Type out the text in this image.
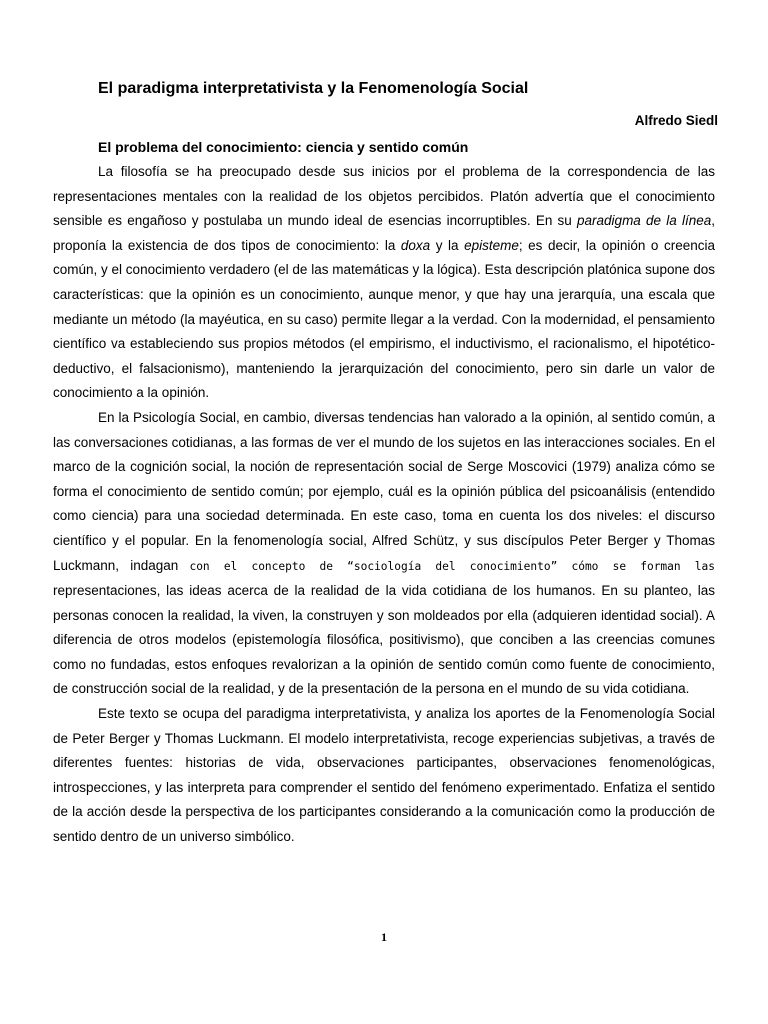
El paradigma interpretativista y la Fenomenología Social
Alfredo Siedl
El problema del conocimiento: ciencia y sentido común

La filosofía se ha preocupado desde sus inicios por el problema de la correspondencia de las representaciones mentales con la realidad de los objetos percibidos. Platón advertía que el conocimiento sensible es engañoso y postulaba un mundo ideal de esencias incorruptibles. En su paradigma de la línea, proponía la existencia de dos tipos de conocimiento: la doxa y la episteme; es decir, la opinión o creencia común, y el conocimiento verdadero (el de las matemáticas y la lógica). Esta descripción platónica supone dos características: que la opinión es un conocimiento, aunque menor, y que hay una jerarquía, una escala que mediante un método (la mayéutica, en su caso) permite llegar a la verdad. Con la modernidad, el pensamiento científico va estableciendo sus propios métodos (el empirismo, el inductivismo, el racionalismo, el hipotético-deductivo, el falsacionismo), manteniendo la jerarquización del conocimiento, pero sin darle un valor de conocimiento a la opinión.

En la Psicología Social, en cambio, diversas tendencias han valorado a la opinión, al sentido común, a las conversaciones cotidianas, a las formas de ver el mundo de los sujetos en las interacciones sociales. En el marco de la cognición social, la noción de representación social de Serge Moscovici (1979) analiza cómo se forma el conocimiento de sentido común; por ejemplo, cuál es la opinión pública del psicoanálisis (entendido como ciencia) para una sociedad determinada. En este caso, toma en cuenta los dos niveles: el discurso científico y el popular. En la fenomenología social, Alfred Schütz, y sus discípulos Peter Berger y Thomas Luckmann, indagan con el concepto de “sociología del conocimiento” cómo se forman las representaciones, las ideas acerca de la realidad de la vida cotidiana de los humanos. En su planteo, las personas conocen la realidad, la viven, la construyen y son moldeados por ella (adquieren identidad social). A diferencia de otros modelos (epistemología filosófica, positivismo), que conciben a las creencias comunes como no fundadas, estos enfoques revalorizan a la opinión de sentido común como fuente de conocimiento, de construcción social de la realidad, y de la presentación de la persona en el mundo de su vida cotidiana.

Este texto se ocupa del paradigma interpretativista, y analiza los aportes de la Fenomenología Social de Peter Berger y Thomas Luckmann. El modelo interpretativista, recoge experiencias subjetivas, a través de diferentes fuentes: historias de vida, observaciones participantes, observaciones fenomenológicas, introspecciones, y las interpreta para comprender el sentido del fenómeno experimentado. Enfatiza el sentido de la acción desde la perspectiva de los participantes considerando a la comunicación como la producción de sentido dentro de un universo simbólico.

1
